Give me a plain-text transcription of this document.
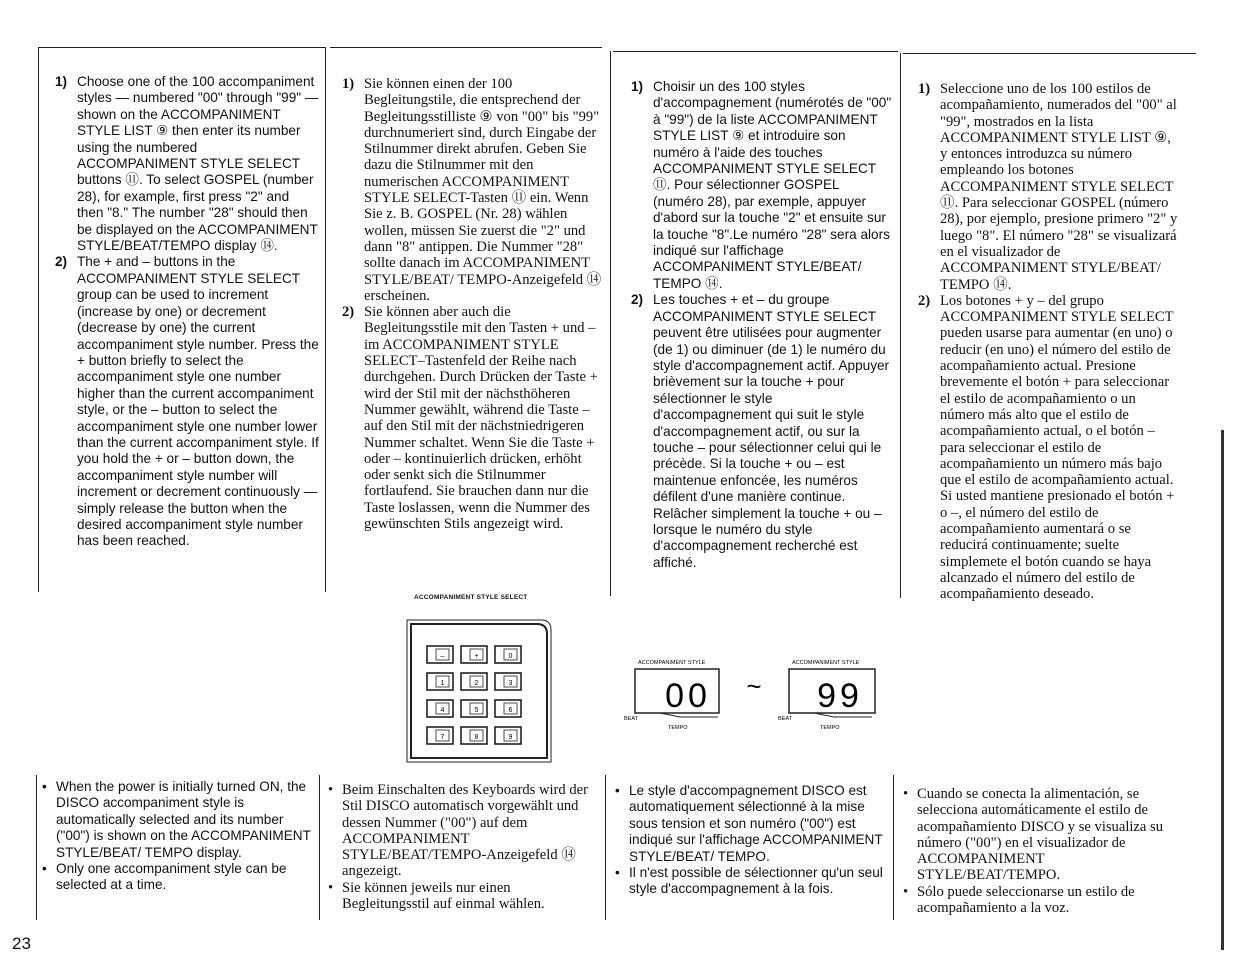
1) Choose one of the 100 accompaniment styles — numbered "00" through "99" — shown on the ACCOMPANIMENT STYLE LIST ⑨ then enter its number using the numbered ACCOMPANIMENT STYLE SELECT buttons ⑪. To select GOSPEL (number 28), for example, first press "2" and then "8." The number "28" should then be displayed on the ACCOMPANIMENT STYLE/BEAT/TEMPO display ⑭.

2) The + and – buttons in the ACCOMPANIMENT STYLE SELECT group can be used to increment (increase by one) or decrement (decrease by one) the current accompaniment style number. Press the + button briefly to select the accompaniment style one number higher than the current accompaniment style, or the – button to select the accompaniment style one number lower than the current accompaniment style. If you hold the + or – button down, the accompaniment style number will increment or decrement continuously — simply release the button when the desired accompaniment style number has been reached.

1) Sie können einen der 100 Begleitungstile, die entsprechend der Begleitungsstilliste ⑨ von "00" bis "99" durchnumeriert sind, durch Eingabe der Stilnummer direkt abrufen. Geben Sie dazu die Stilnummer mit den numerischen ACCOMPANIMENT STYLE SELECT-Tasten ⑪ ein. Wenn Sie z. B. GOSPEL (Nr. 28) wählen wollen, müssen Sie zuerst die "2" und dann "8" antippen. Die Nummer "28" sollte danach im ACCOMPANIMENT STYLE/BEAT/ TEMPO-Anzeigefeld ⑭ erscheinen.

2) Sie können aber auch die Begleitungsstile mit den Tasten + und – im ACCOMPANIMENT STYLE SELECT–Tastenfeld der Reihe nach durchgehen. Durch Drücken der Taste + wird der Stil mit der nächsthöheren Nummer gewählt, während die Taste – auf den Stil mit der nächstniedrigeren Nummer schaltet. Wenn Sie die Taste + oder – kontinuierlich drücken, erhöht oder senkt sich die Stilnummer fortlaufend. Sie brauchen dann nur die Taste loslassen, wenn die Nummer des gewünschten Stils angezeigt wird.

1) Choisir un des 100 styles d'accompagnement (numérotés de "00" à "99") de la liste ACCOMPANIMENT STYLE LIST ⑨ et introduire son numéro à l'aide des touches ACCOMPANIMENT STYLE SELECT ⑪. Pour sélectionner GOSPEL (numéro 28), par exemple, appuyer d'abord sur la touche "2" et ensuite sur la touche "8".Le numéro "28" sera alors indiqué sur l'affichage ACCOMPANIMENT STYLE/BEAT/ TEMPO ⑭.

2) Les touches + et – du groupe ACCOMPANIMENT STYLE SELECT peuvent être utilisées pour augmenter (de 1) ou diminuer (de 1) le numéro du style d'accompagnement actif. Appuyer brièvement sur la touche + pour sélectionner le style d'accompagnement qui suit le style d'accompagnement actif, ou sur la touche – pour sélectionner celui qui le précède. Si la touche + ou – est maintenue enfoncée, les numéros défilent d'une manière continue. Relâcher simplement la touche + ou – lorsque le numéro du style d'accompagnement recherché est affiché.

1) Seleccione uno de los 100 estilos de acompañamiento, numerados del "00" al "99", mostrados en la lista ACCOMPANIMENT STYLE LIST ⑨, y entonces introduzca su número empleando los botones ACCOMPANIMENT STYLE SELECT ⑪. Para seleccionar GOSPEL (número 28), por ejemplo, presione primero "2" y luego "8". El número "28" se visualizará en el visualizador de ACCOMPANIMENT STYLE/BEAT/ TEMPO ⑭.

2) Los botones + y – del grupo ACCOMPANIMENT STYLE SELECT pueden usarse para aumentar (en uno) o reducir (en uno) el número del estilo de acompañamiento actual. Presione brevemente el botón + para seleccionar el estilo de acompañamiento o un número más alto que el estilo de acompañamiento actual, o el botón – para seleccionar el estilo de acompañamiento un número más bajo que el estilo de acompañamiento actual. Si usted mantiene presionado el botón + o –, el número del estilo de acompañamiento aumentará o se reducirá continuamente; suelte simplemete el botón cuando se haya alcanzado el número del estilo de acompañamiento deseado.

ACCOMPANIMENT STYLE SELECT
–	+	0
1	2	3
4	5	6
7	8	9
ACCOMPANIMENT STYLE	ACCOMPANIMENT STYLE
00	99
~
BEAT	BEAT
TEMPO	TEMPO

• When the power is initially turned ON, the DISCO accompaniment style is automatically selected and its number ("00") is shown on the ACCOMPANIMENT STYLE/BEAT/ TEMPO display.

• Only one accompaniment style can be selected at a time.

• Beim Einschalten des Keyboards wird der Stil DISCO automatisch vorgewählt und dessen Nummer ("00") auf dem ACCOMPANIMENT STYLE/BEAT/TEMPO-Anzeigefeld ⑭ angezeigt.

• Sie können jeweils nur einen Begleitungsstil auf einmal wählen.

• Le style d'accompagnement DISCO est automatiquement sélectionné à la mise sous tension et son numéro ("00") est indiqué sur l'affichage ACCOMPANIMENT STYLE/BEAT/ TEMPO.

• Il n'est possible de sélectionner qu'un seul style d'accompagnement à la fois.

• Cuando se conecta la alimentación, se selecciona automáticamente el estilo de acompañamiento DISCO y se visualiza su número ("00") en el visualizador de ACCOMPANIMENT STYLE/BEAT/TEMPO.

• Sólo puede seleccionarse un estilo de acompañamiento a la voz.

23
